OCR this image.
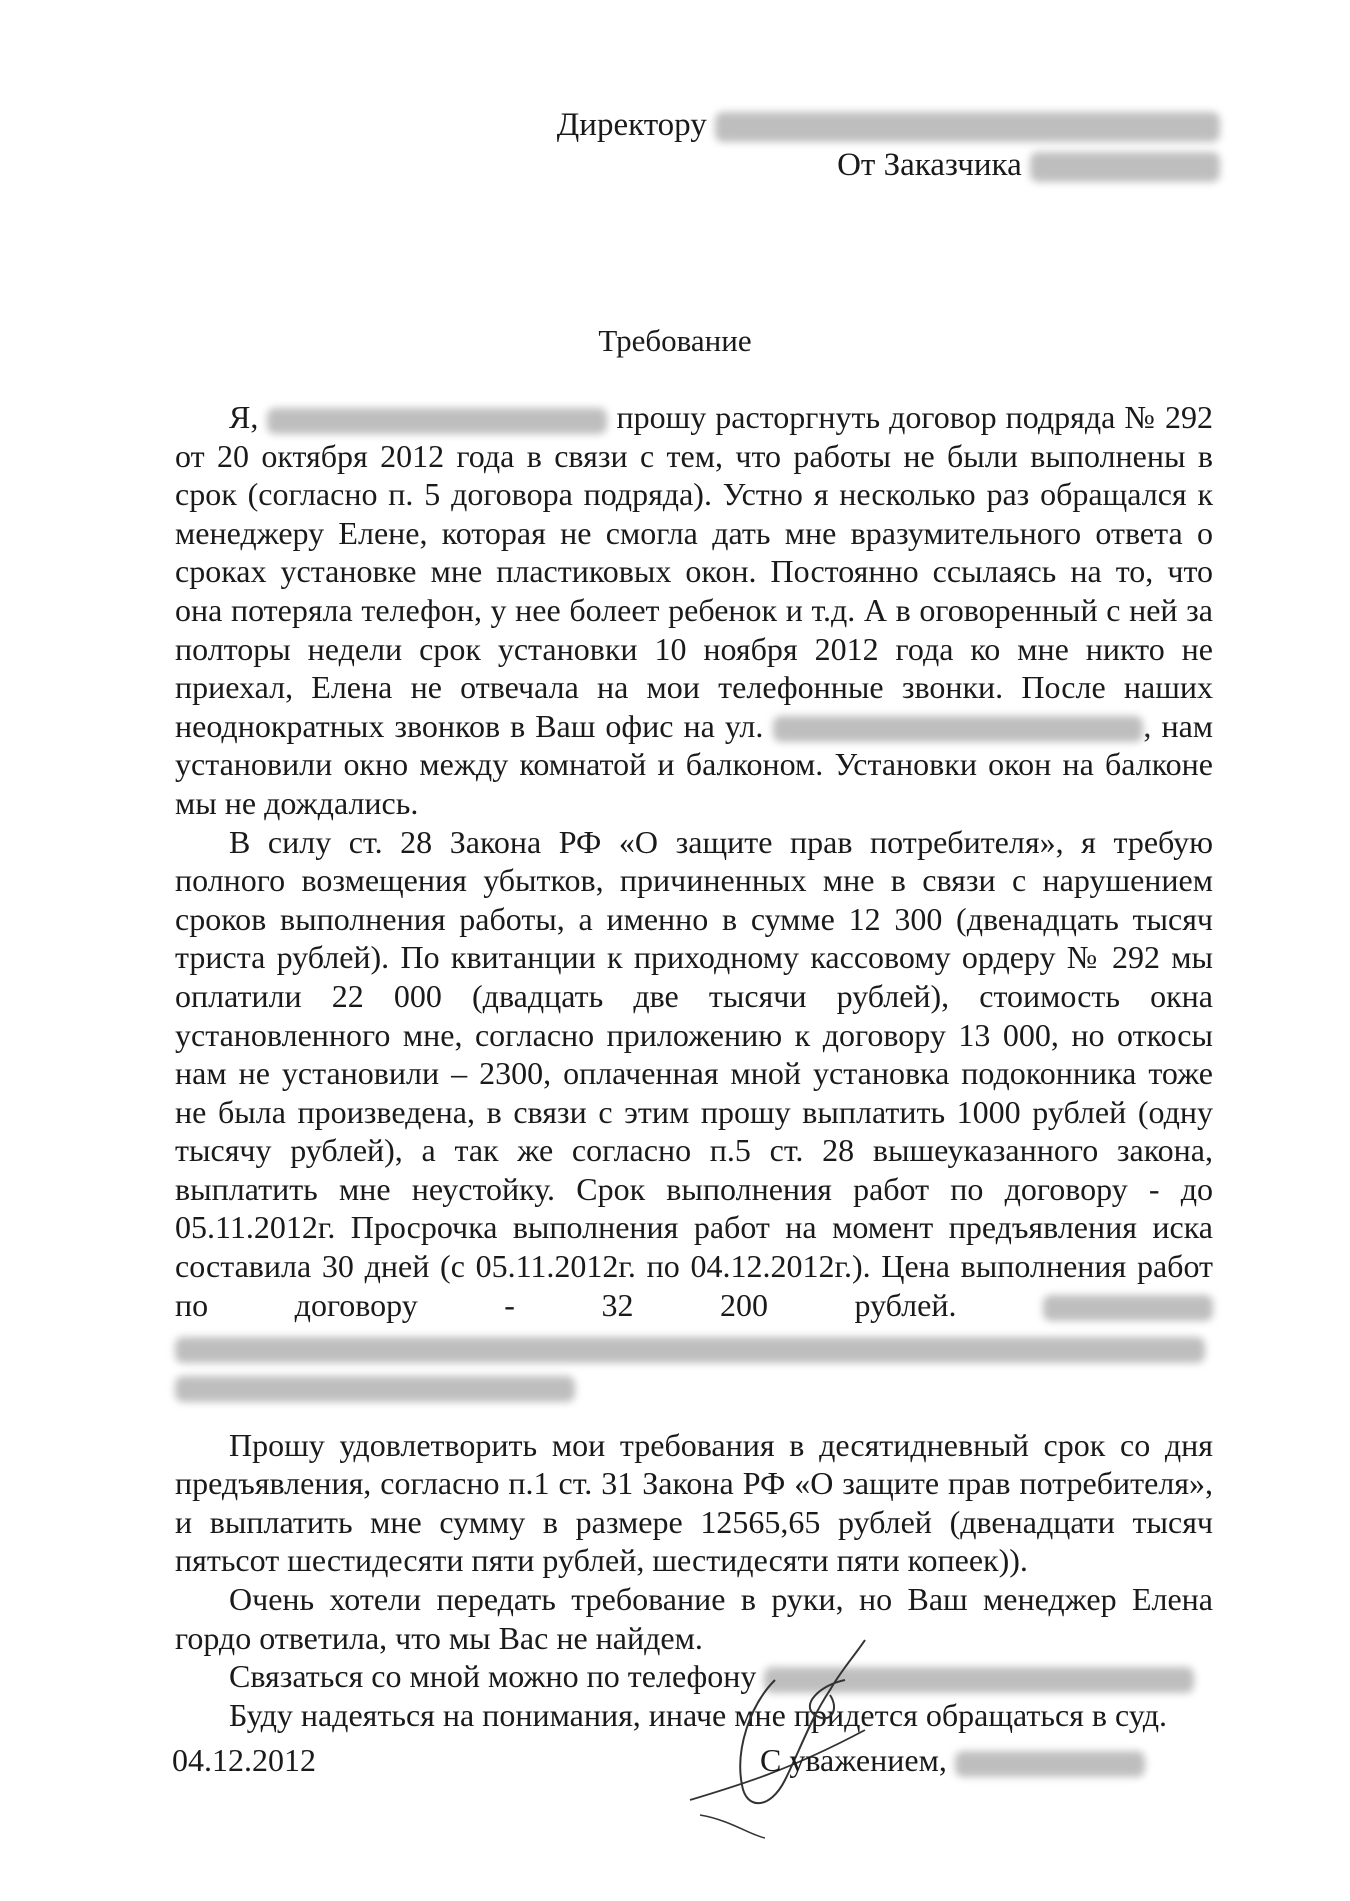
Директору
От Заказчика
Требование

Я,	прошу расторгнуть договор подряда № 292 от 20 октября 2012 года в связи с тем, что работы не были выполнены в срок (согласно п. 5 договора подряда). Устно я несколько раз обращался к менеджеру Елене, которая не смогла дать мне вразумительного ответа о сроках установке мне пластиковых окон. Постоянно ссылаясь на то, что она потеряла телефон, у нее болеет ребенок и т.д. А в оговоренный с ней за полторы недели срок установки 10 ноября 2012 года ко мне никто не приехал, Елена не отвечала на мои телефонные звонки. После наших неоднократных звонков в Ваш офис на ул.	, нам установили окно между комнатой и балконом. Установки окон на балконе мы не дождались.

В силу ст. 28 Закона РФ «О защите прав потребителя», я требую полного возмещения убытков, причиненных мне в связи с нарушением сроков выполнения работы, а именно в сумме 12 300 (двенадцать тысяч триста рублей). По квитанции к приходному кассовому ордеру № 292 мы оплатили 22 000 (двадцать две тысячи рублей), стоимость окна установленного мне, согласно приложению к договору 13 000, но откосы нам не установили – 2300, оплаченная мной установка подоконника тоже не была произведена, в связи с этим прошу выплатить 1000 рублей (одну тысячу рублей), а так же согласно п.5 ст. 28 вышеуказанного закона, выплатить мне неустойку. Срок выполнения работ по договору - до 05.11.2012г. Просрочка выполнения работ на момент предъявления иска составила 30 дней (с 05.11.2012г. по 04.12.2012г.). Цена выполнения работ по договору - 32 200 рублей.

Прошу удовлетворить мои требования в десятидневный срок со дня предъявления, согласно п.1 ст. 31 Закона РФ «О защите прав потребителя», и выплатить мне сумму в размере 12565,65 рублей (двенадцати тысяч пятьсот шестидесяти пяти рублей, шестидесяти пяти копеек)).

Очень хотели передать требование в руки, но Ваш менеджер Елена гордо ответила, что мы Вас не найдем.

Связаться со мной можно по телефону

Буду надеяться на понимания, иначе мне придется обращаться в суд.

04.12.2012	С уважением,
